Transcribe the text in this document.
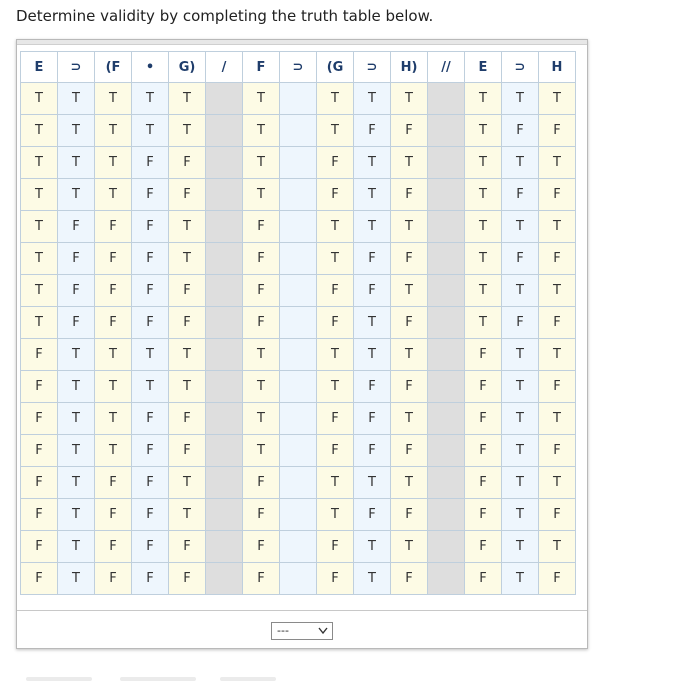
Determine validity by completing the truth table below.
E	⊃	(F	•	G)	/	F	⊃	(G	⊃	H)	//	E	⊃	H
T	T	T	T	T		T		T	T	T		T	T	T
T	T	T	T	T		T		T	F	F		T	F	F
T	T	T	F	F		T		F	T	T		T	T	T
T	T	T	F	F		T		F	T	F		T	F	F
T	F	F	F	T		F		T	T	T		T	T	T
T	F	F	F	T		F		T	F	F		T	F	F
T	F	F	F	F		F		F	F	T		T	T	T
T	F	F	F	F		F		F	T	F		T	F	F
F	T	T	T	T		T		T	T	T		F	T	T
F	T	T	T	T		T		T	F	F		F	T	F
F	T	T	F	F		T		F	F	T		F	T	T
F	T	T	F	F		T		F	F	F		F	T	F
F	T	F	F	T		F		T	T	T		F	T	T
F	T	F	F	T		F		T	F	F		F	T	F
F	T	F	F	F		F		F	T	T		F	T	T
F	T	F	F	F		F		F	T	F		F	T	F
---
